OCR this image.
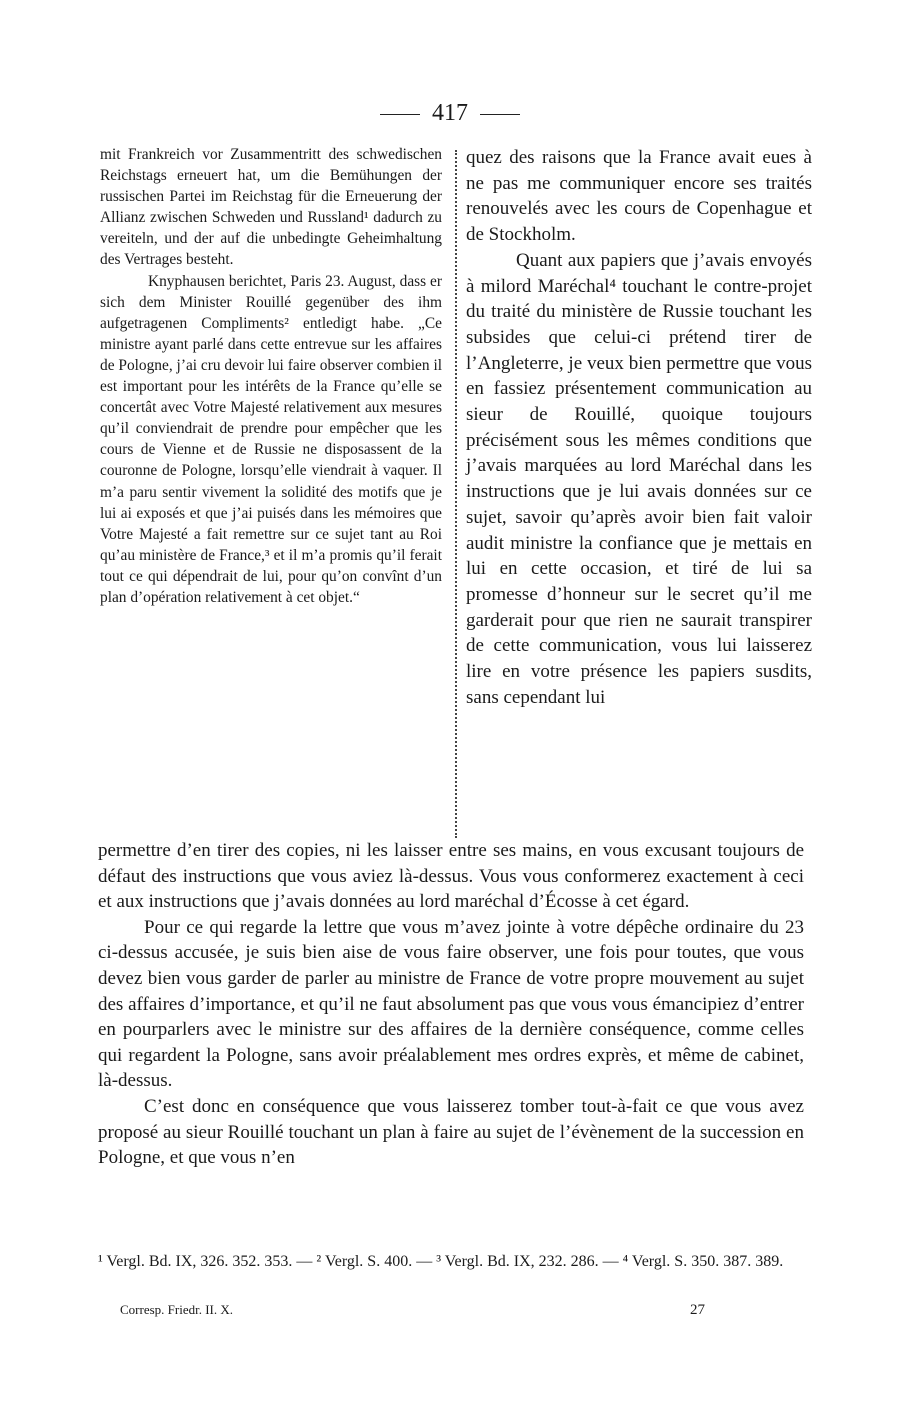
417

mit Frankreich vor Zusammentritt des schwedischen Reichstags erneuert hat, um die Bemühungen der russischen Partei im Reichstag für die Erneuerung der Allianz zwischen Schweden und Russland¹ dadurch zu vereiteln, und der auf die unbedingte Geheimhaltung des Vertrages besteht.

Knyphausen berichtet, Paris 23. August, dass er sich dem Minister Rouillé gegenüber des ihm aufgetragenen Compliments² entledigt habe. „Ce ministre ayant parlé dans cette entrevue sur les affaires de Pologne, j’ai cru devoir lui faire observer combien il est important pour les intérêts de la France qu’elle se concertât avec Votre Majesté relativement aux mesures qu’il conviendrait de prendre pour empêcher que les cours de Vienne et de Russie ne disposassent de la couronne de Pologne, lorsqu’elle viendrait à vaquer. Il m’a paru sentir vivement la solidité des motifs que je lui ai exposés et que j’ai puisés dans les mémoires que Votre Majesté a fait remettre sur ce sujet tant au Roi qu’au ministère de France,³ et il m’a promis qu’il ferait tout ce qui dépendrait de lui, pour qu’on convînt d’un plan d’opération relativement à cet objet.“

quez des raisons que la France avait eues à ne pas me communiquer encore ses traités renouvelés avec les cours de Copenhague et de Stockholm.

Quant aux papiers que j’avais envoyés à milord Maréchal⁴ touchant le contre-projet du traité du ministère de Russie touchant les subsides que celui-ci prétend tirer de l’Angleterre, je veux bien permettre que vous en fassiez présentement communication au sieur de Rouillé, quoique toujours précisément sous les mêmes conditions que j’avais marquées au lord Maréchal dans les instructions que je lui avais données sur ce sujet, savoir qu’après avoir bien fait valoir audit ministre la confiance que je mettais en lui en cette occasion, et tiré de lui sa promesse d’honneur sur le secret qu’il me garderait pour que rien ne saurait transpirer de cette communication, vous lui laisserez lire en votre présence les papiers susdits, sans cependant lui

permettre d’en tirer des copies, ni les laisser entre ses mains, en vous excusant toujours de défaut des instructions que vous aviez là-dessus. Vous vous conformerez exactement à ceci et aux instructions que j’avais données au lord maréchal d’Écosse à cet égard.

Pour ce qui regarde la lettre que vous m’avez jointe à votre dépêche ordinaire du 23 ci-dessus accusée, je suis bien aise de vous faire observer, une fois pour toutes, que vous devez bien vous garder de parler au ministre de France de votre propre mouvement au sujet des affaires d’importance, et qu’il ne faut absolument pas que vous vous émancipiez d’entrer en pourparlers avec le ministre sur des affaires de la dernière conséquence, comme celles qui regardent la Pologne, sans avoir préalablement mes ordres exprès, et même de cabinet, là-dessus.

C’est donc en conséquence que vous laisserez tomber tout-à-fait ce que vous avez proposé au sieur Rouillé touchant un plan à faire au sujet de l’évènement de la succession en Pologne, et que vous n’en

¹ Vergl. Bd. IX, 326. 352. 353. — ² Vergl. S. 400. — ³ Vergl. Bd. IX, 232. 286. — ⁴ Vergl. S. 350. 387. 389.
Corresp. Friedr. II. X.	27
